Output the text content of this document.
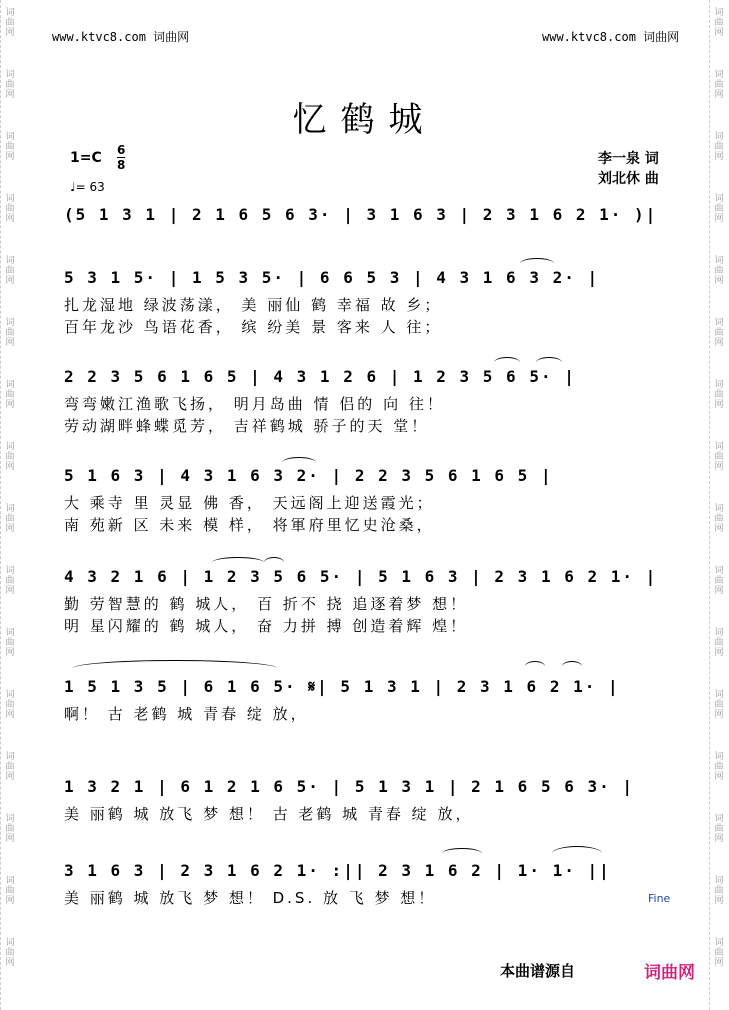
词
曲
网
词
曲
网
词
曲
网
词
曲
网
词
曲
网
词
曲
网
词
曲
网
词
曲
网
词
曲
网
词
曲
网
词
曲
网
词
曲
网
词
曲
网
词
曲
网
词
曲
网
词
曲
网
词
曲
网
词
曲
网
词
曲
网
词
曲
网
词
曲
网
词
曲
网
词
曲
网
词
曲
网
词
曲
网
词
曲
网
词
曲
网
词
曲
网
词
曲
网
词
曲
网
词
曲
网
词
曲
网
www.ktvc8.com 词曲网	www.ktvc8.com 词曲网
忆鹤城
1=C 6
8
♩= 63
李一泉 词
刘北休 曲
(5 1 3 1 | 2 1 6 5 6 3· | 3 1 6 3 | 2 3 1 6 2 1· )|
5 3 1 5· | 1 5 3 5· | 6 6 5 3 | 4 3 1 6 3 2· |
扎龙湿地 绿波荡漾， 美 丽仙 鹤 幸福 故 乡；
百年龙沙 鸟语花香， 缤 纷美 景 客来 人 往；
2 2 3 5 6 1 6 5 | 4 3 1 2 6 | 1 2 3 5 6 5· |
弯弯嫩江渔歌飞扬， 明月岛曲 情 侣的 向 往！
劳动湖畔蜂蝶觅芳， 吉祥鹤城 骄子的天 堂！
5 1 6 3 | 4 3 1 6 3 2· | 2 2 3 5 6 1 6 5 |
大 乘寺 里 灵显 佛 香， 天远阁上迎送霞光；
南 苑新 区 未来 模 样， 将軍府里忆史沧桑，
4 3 2 1 6 | 1 2 3 5 6 5· | 5 1 6 3 | 2 3 1 6 2 1· |
勤 劳智慧的 鹤 城人， 百 折不 挠 追逐着梦 想！
明 星闪耀的 鹤 城人， 奋 力拼 搏 创造着辉 煌！
1 5 1 3 5 | 6 1 6 5· 𝄋| 5 1 3 1 | 2 3 1 6 2 1· |
啊！ 古 老鹤 城 青春 绽 放，
1 3 2 1 | 6 1 2 1 6 5· | 5 1 3 1 | 2 1 6 5 6 3· |
美 丽鹤 城 放飞 梦 想！ 古 老鹤 城 青春 绽 放，
3 1 6 3 | 2 3 1 6 2 1· :|| 2 3 1 6 2 | 1· 1· ||
美 丽鹤 城 放飞 梦 想！ D.S. 放 飞 梦 想！	Fine
本曲谱源自	词曲网
